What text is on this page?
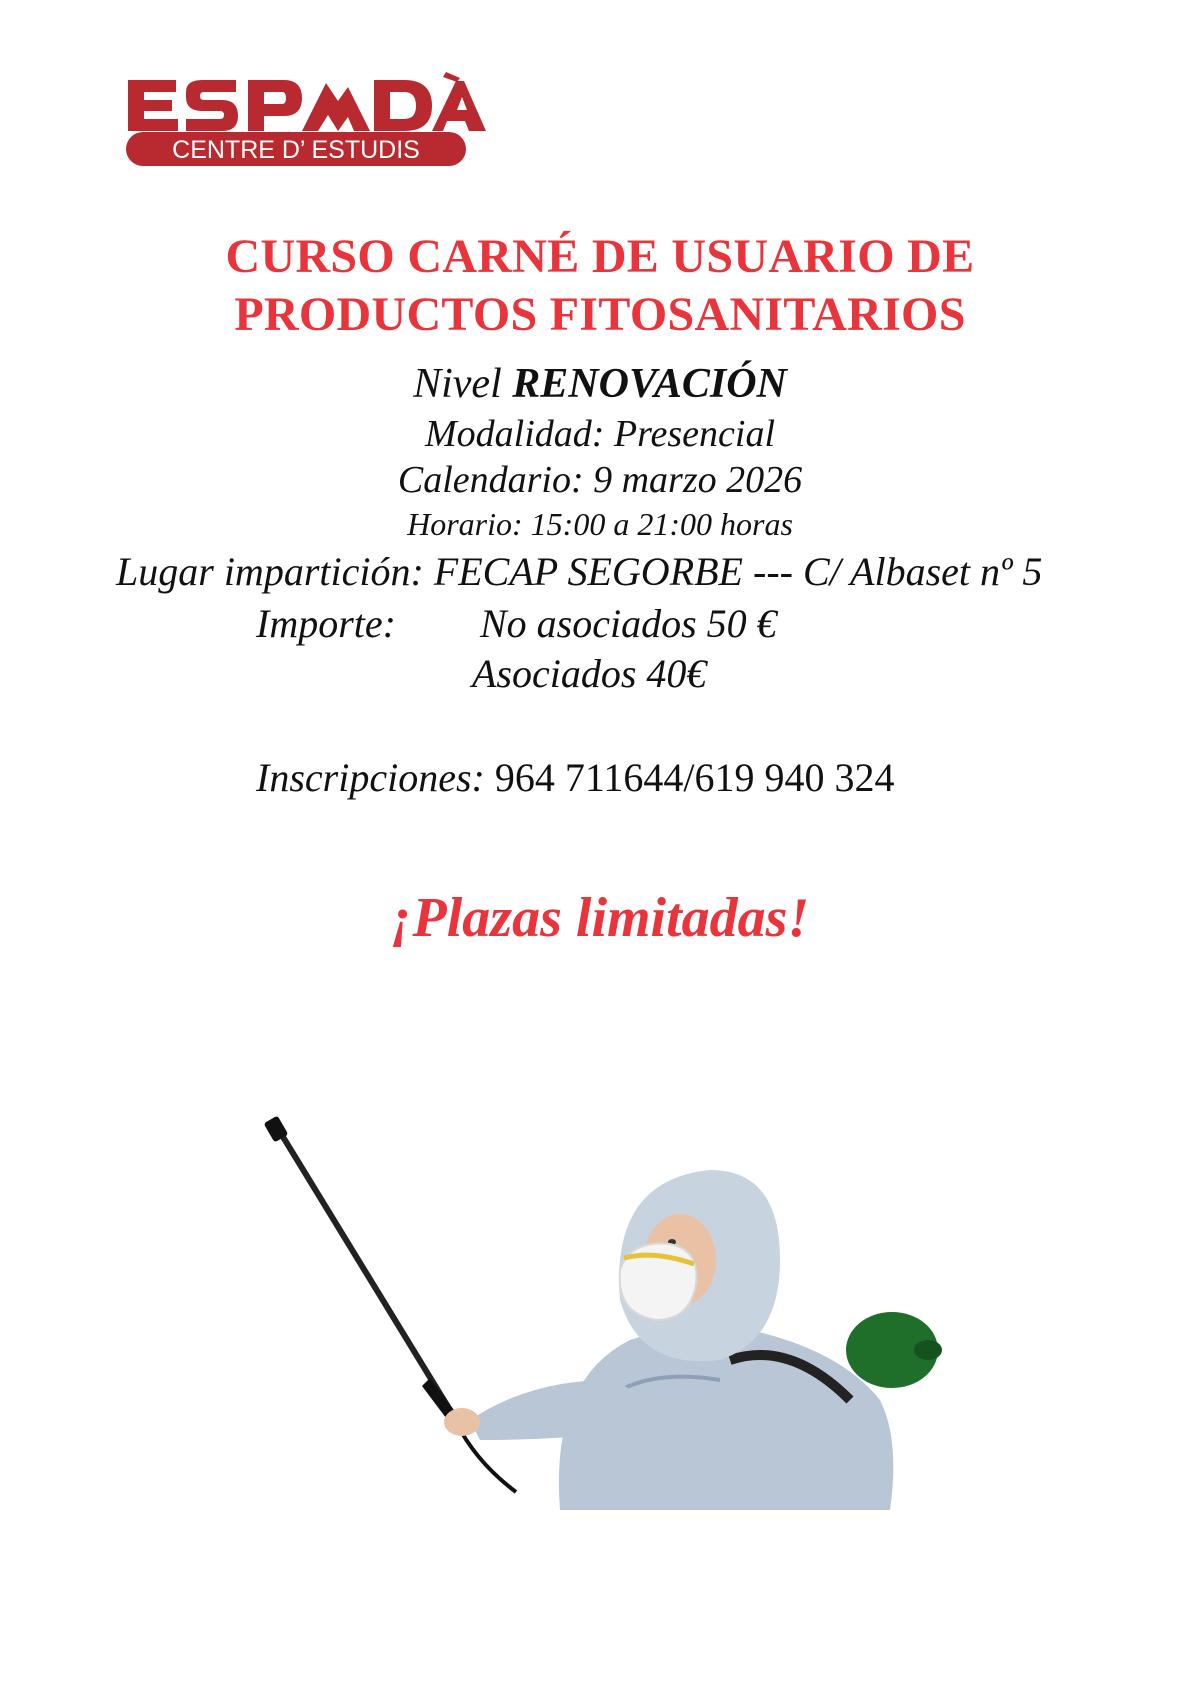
CENTRE D’ ESTUDIS
CURSO CARNÉ DE USUARIO DE
PRODUCTOS FITOSANITARIOS
Nivel RENOVACIÓN
Modalidad: Presencial
Calendario: 9 marzo 2026
Horario: 15:00 a 21:00 horas
Lugar impartición: FECAP SEGORBE --- C/ Albaset nº 5
Importe: No asociados 50 €
Asociados 40€
Inscripciones: 964 711644/619 940 324
¡Plazas limitadas!
